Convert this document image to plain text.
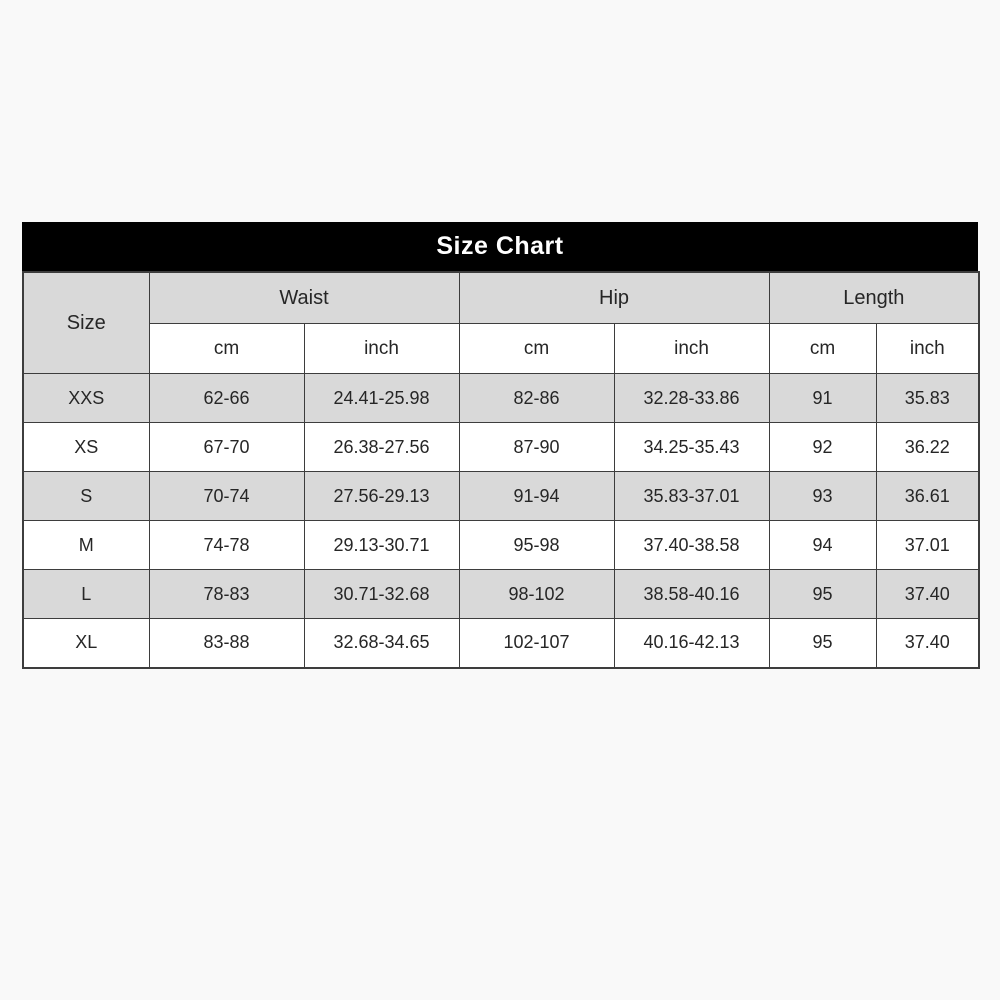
Size Chart
Size	Waist		Hip		Length	
	cm	inch	cm	inch	cm	inch
XXS	62-66	24.41-25.98	82-86	32.28-33.86	91	35.83
XS	67-70	26.38-27.56	87-90	34.25-35.43	92	36.22
S	70-74	27.56-29.13	91-94	35.83-37.01	93	36.61
M	74-78	29.13-30.71	95-98	37.40-38.58	94	37.01
L	78-83	30.71-32.68	98-102	38.58-40.16	95	37.40
XL	83-88	32.68-34.65	102-107	40.16-42.13	95	37.40
